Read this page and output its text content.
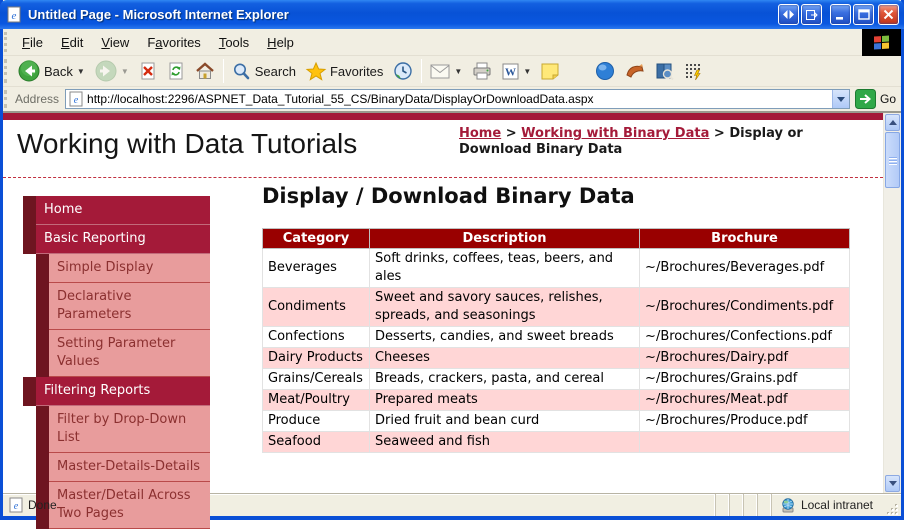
e Untitled Page - Microsoft Internet Explorer
File	Edit	View	Favorites	Tools	Help
Back ▼	▼	Search	Favorites	▼	W ▼
Address e http://localhost:2296/ASPNET_Data_Tutorial_55_CS/BinaryData/DisplayOrDownloadData.aspx	Go
Working with Data Tutorials	Home > Working with Binary Data > Display or Download Binary Data
Home
Basic Reporting
Simple Display
Declarative Parameters
Setting Parameter Values
Filtering Reports
Filter by Drop-Down List
Master-Details-Details
Master/Detail Across Two Pages
Display / Download Binary Data
Category	Description	Brochure
Beverages	Soft drinks, coffees, teas, beers, and ales	~/Brochures/Beverages.pdf
Condiments	Sweet and savory sauces, relishes, spreads, and seasonings	~/Brochures/Condiments.pdf
Confections	Desserts, candies, and sweet breads	~/Brochures/Confections.pdf
Dairy Products	Cheeses	~/Brochures/Dairy.pdf
Grains/Cereals	Breads, crackers, pasta, and cereal	~/Brochures/Grains.pdf
Meat/Poultry	Prepared meats	~/Brochures/Meat.pdf
Produce	Dried fruit and bean curd	~/Brochures/Produce.pdf
Seafood	Seaweed and fish	
e Done	Local intranet
